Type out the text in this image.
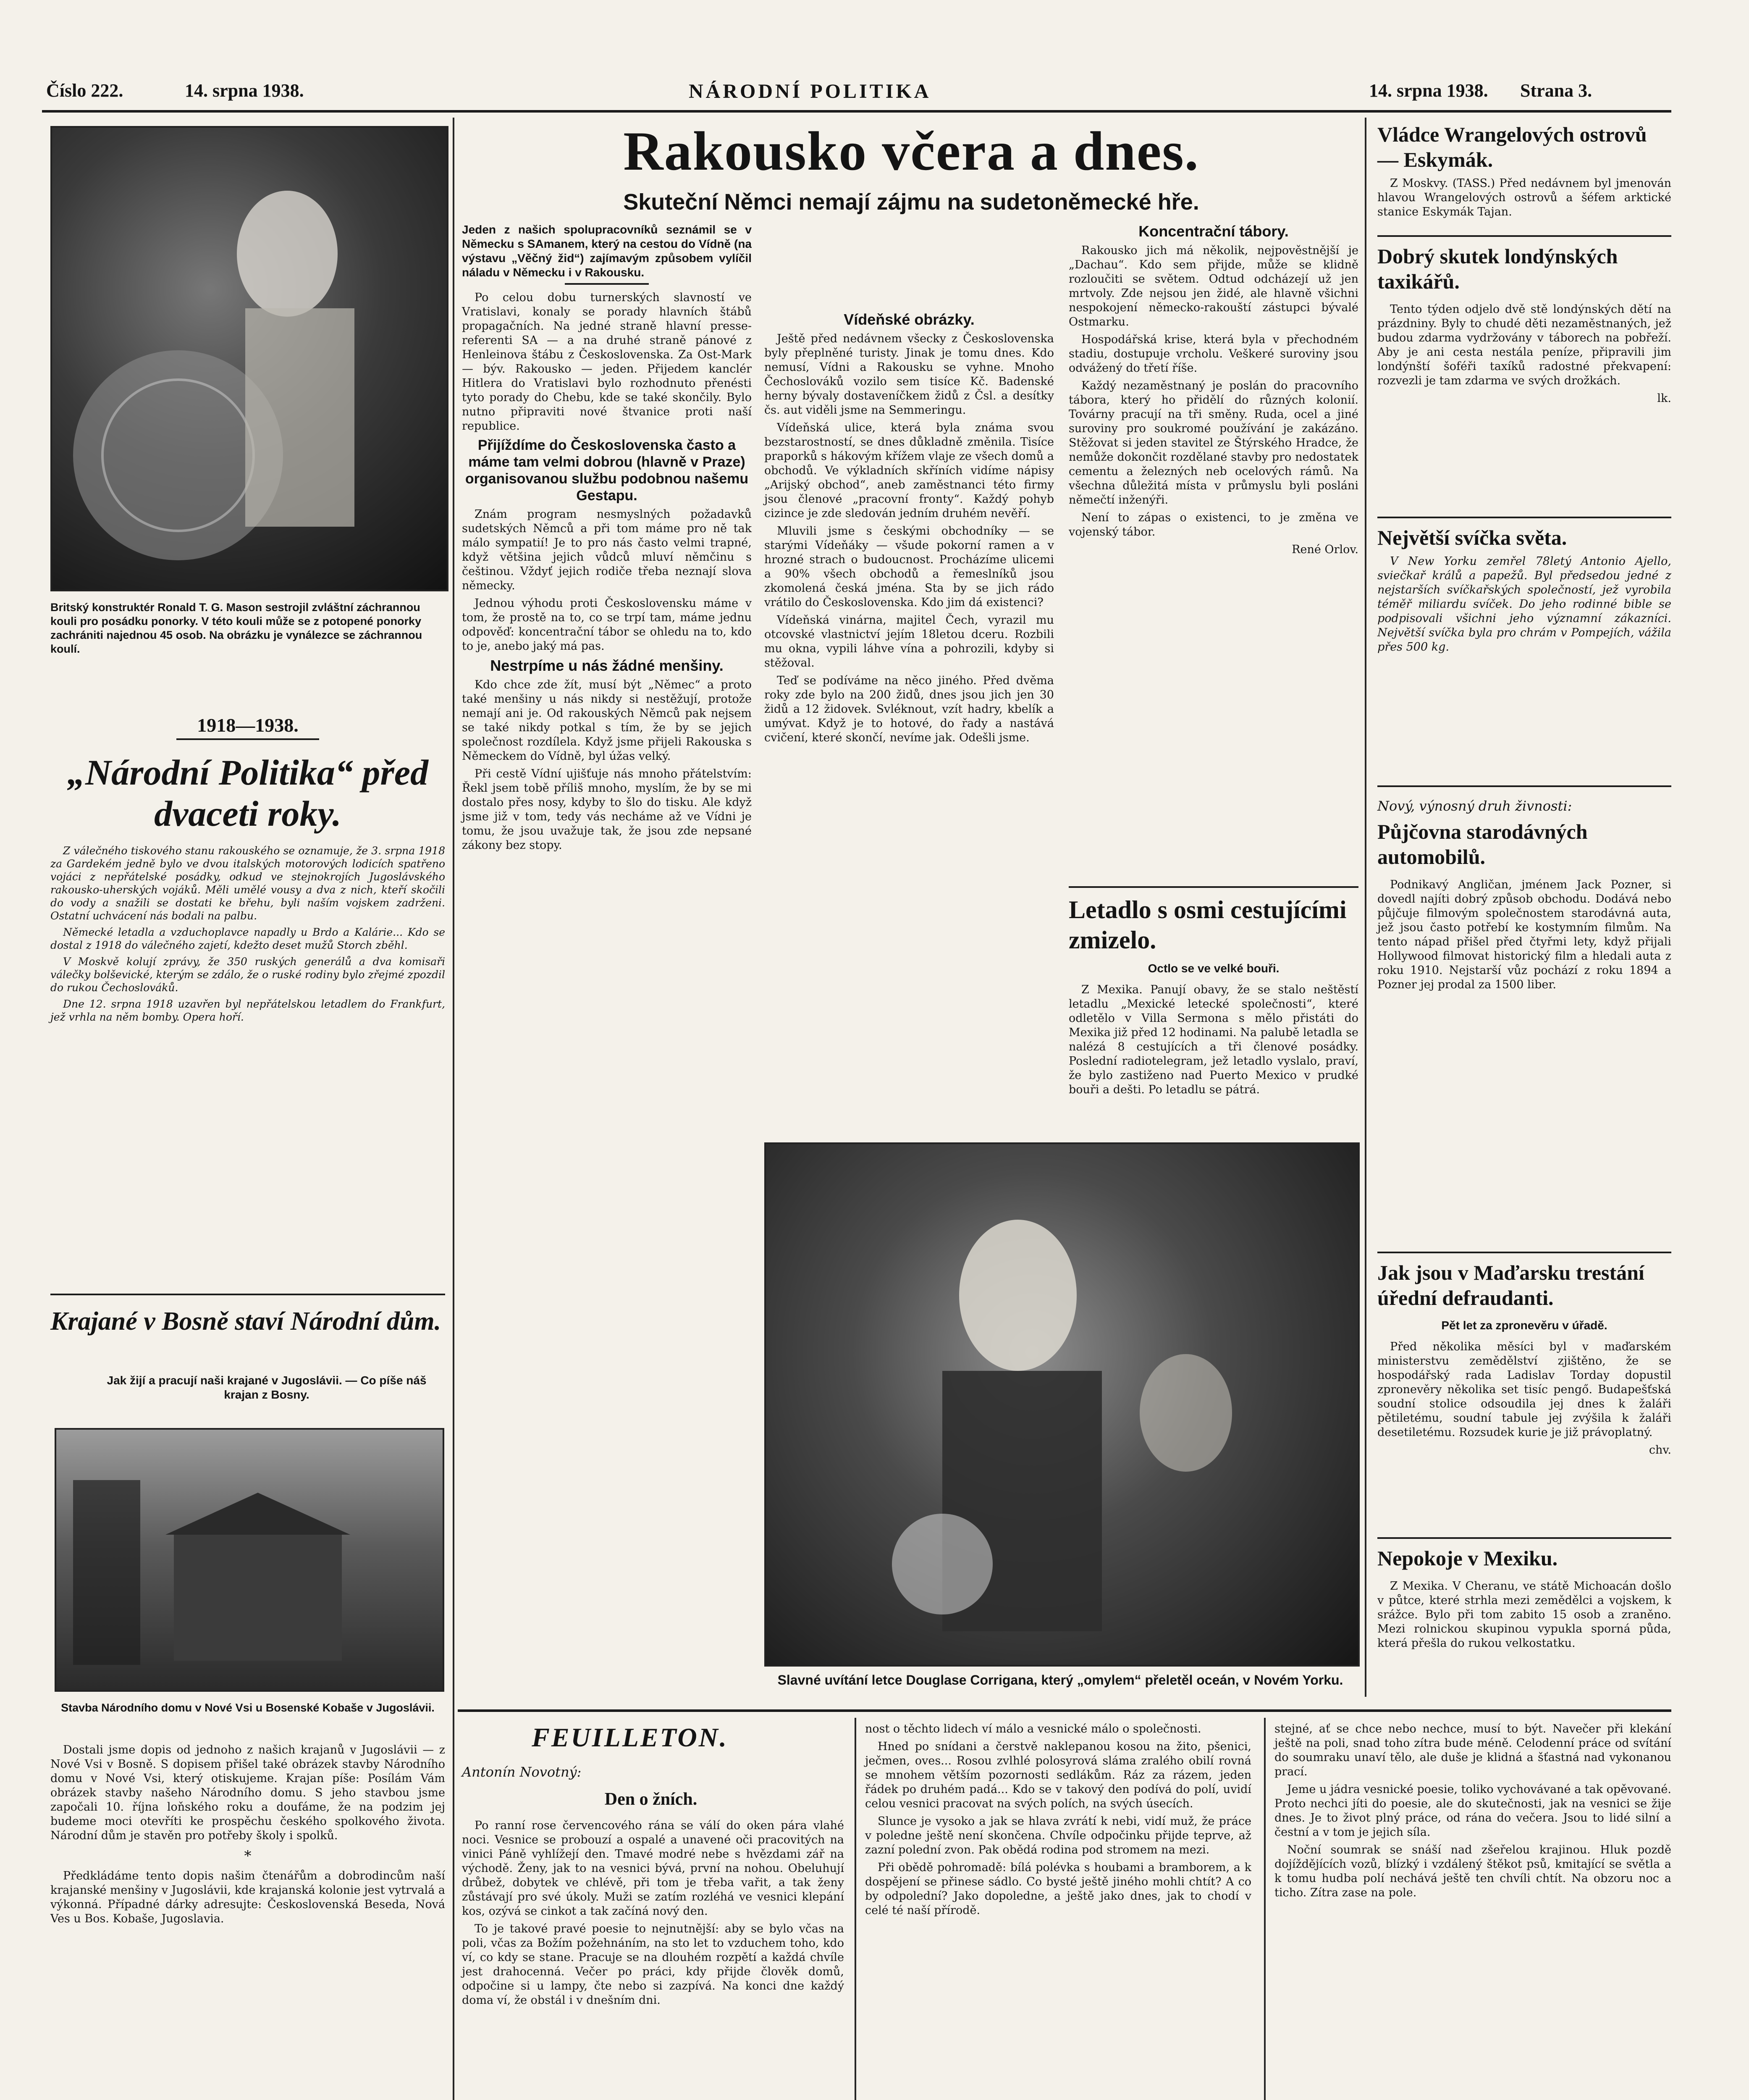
Číslo 222.	14. srpna 1938.	NÁRODNÍ POLITIKA	14. srpna 1938. Strana 3.
Britský konstruktér Ronald T. G. Mason sestrojil zvláštní záchrannou kouli pro posádku ponorky. V této kouli může se z potopené ponorky zachrániti najednou 45 osob. Na obrázku je vynálezce se záchrannou koulí.
1918—1938.
„Národní Politika“ před dvaceti roky.

Z válečného tiskového stanu rakouského se oznamuje, že 3. srpna 1918 za Gardekém jedně bylo ve dvou italských motorových lodicích spatřeno vojáci z nepřátelské posádky, odkud ve stejnokrojích Jugoslávského rakousko-uherských vojáků. Měli umělé vousy a dva z nich, kteří skočili do vody a snažili se dostati ke břehu, byli naším vojskem zadrženi. Ostatní uchvácení nás bodali na palbu.

Německé letadla a vzduchoplavce napadly u Brdo a Kalárie... Kdo se dostal z 1918 do válečného zajetí, kdežto deset mužů Storch zběhl.

V Moskvě kolují zprávy, že 350 ruských generálů a dva komisaři válečky bolševické, kterým se zdálo, že o ruské rodiny bylo zřejmé zpozdil do rukou Čechoslováků.

Dne 12. srpna 1918 uzavřen byl nepřátelskou letadlem do Frankfurt, jež vrhla na něm bomby. Opera hoří.

Krajané v Bosně staví Národní dům.
Jak žijí a pracují naši krajané v Jugoslávii. — Co píše náš krajan z Bosny.
Stavba Národního domu v Nové Vsi u Bosenské Kobaše v Jugoslávii.

Dostali jsme dopis od jednoho z našich krajanů v Jugoslávii — z Nové Vsi v Bosně. S dopisem přišel také obrázek stavby Národního domu v Nové Vsi, který otiskujeme. Krajan píše: Posílám Vám obrázek stavby našeho Národního domu. S jeho stavbou jsme započali 10. října loňského roku a doufáme, že na podzim jej budeme moci otevříti ke prospěchu českého spolkového života. Národní dům je stavěn pro potřeby školy i spolků.

*

Předkládáme tento dopis našim čtenářům a dobrodincům naší krajanské menšiny v Jugoslávii, kde krajanská kolonie jest vytrvalá a výkonná. Případné dárky adresujte: Československá Beseda, Nová Ves u Bos. Kobaše, Jugoslavia.

Rakousko včera a dnes.
Skuteční Němci nemají zájmu na sudetoněmecké hře.

Jeden z našich spolupracovníků seznámil se v Německu s SAmanem, který na cestou do Vídně (na výstavu „Věčný žid“) zajímavým způsobem vylíčil náladu v Německu i v Rakousku.

Po celou dobu turnerských slavností ve Vratislavi, konaly se porady hlavních štábů propagačních. Na jedné straně hlavní presse-referenti SA — a na druhé straně pánové z Henleinova štábu z Československa. Za Ost-Mark — býv. Rakousko — jeden. Přijedem kanclér Hitlera do Vratislavi bylo rozhodnuto přenésti tyto porady do Chebu, kde se také skončily. Bylo nutno připraviti nové štvanice proti naší republice.

Přijíždíme do Československa často a máme tam velmi dobrou (hlavně v Praze) organisovanou službu podobnou našemu Gestapu.

Znám program nesmyslných požadavků sudetských Němců a při tom máme pro ně tak málo sympatií! Je to pro nás často velmi trapné, když většina jejich vůdců mluví němčinu s češtinou. Vždyť jejich rodiče třeba neznají slova německy.

Jednou výhodu proti Československu máme v tom, že prostě na to, co se trpí tam, máme jednu odpověď: koncentrační tábor se ohledu na to, kdo to je, anebo jaký má pas.

Nestrpíme u nás žádné menšiny.

Kdo chce zde žít, musí být „Němec“ a proto také menšiny u nás nikdy si nestěžují, protože nemají ani je. Od rakouských Němců pak nejsem se také nikdy potkal s tím, že by se jejich společnost rozdílela. Když jsme přijeli Rakouska s Německem do Vídně, byl úžas velký.

Při cestě Vídní ujišťuje nás mnoho přátelstvím: Řekl jsem tobě příliš mnoho, myslím, že by se mi dostalo přes nosy, kdyby to šlo do tisku. Ale když jsme již v tom, tedy vás necháme až ve Vídni je tomu, že jsou uvažuje tak, že jsou zde nepsané zákony bez stopy.

Vídeňské obrázky.

Ještě před nedávnem všecky z Československa byly přeplněné turisty. Jinak je tomu dnes. Kdo nemusí, Vídni a Rakousku se vyhne. Mnoho Čechoslováků vozilo sem tisíce Kč. Badenské herny bývaly dostaveníčkem židů z Čsl. a desítky čs. aut viděli jsme na Semmeringu.

Vídeňská ulice, která byla známa svou bezstarostností, se dnes důkladně změnila. Tisíce praporků s hákovým křížem vlaje ze všech domů a obchodů. Ve výkladních skříních vidíme nápisy „Arijský obchod“, aneb zaměstnanci této firmy jsou členové „pracovní fronty“. Každý pohyb cizince je zde sledován jedním druhém nevěří.

Mluvili jsme s českými obchodníky — se starými Vídeňáky — všude pokorní ramen a v hrozné strach o budoucnost. Procházíme ulicemi a 90% všech obchodů a řemeslníků jsou zkomolená česká jména. Sta by se jich rádo vrátilo do Československa. Kdo jim dá existenci?

Vídeňská vinárna, majitel Čech, vyrazil mu otcovské vlastnictví jejím 18letou dceru. Rozbili mu okna, vypili láhve vína a pohrozili, kdyby si stěžoval.

Teď se podíváme na něco jiného. Před dvěma roky zde bylo na 200 židů, dnes jsou jich jen 30 židů a 12 židovek. Svléknout, vzít hadry, kbelík a umývat. Když je to hotové, do řady a nastává cvičení, které skončí, nevíme jak. Odešli jsme.

Koncentrační tábory.

Rakousko jich má několik, nejpověstnější je „Dachau“. Kdo sem přijde, může se klidně rozloučiti se světem. Odtud odcházejí už jen mrtvoly. Zde nejsou jen židé, ale hlavně všichni nespokojení německo-rakouští zástupci bývalé Ostmarku.

Hospodářská krise, která byla v přechodném stadiu, dostupuje vrcholu. Veškeré suroviny jsou odvážený do třetí říše.

Každý nezaměstnaný je poslán do pracovního tábora, který ho přidělí do různých kolonií. Továrny pracují na tři směny. Ruda, ocel a jiné suroviny pro soukromé používání je zakázáno. Stěžovat si jeden stavitel ze Štýrského Hradce, že nemůže dokončit rozdělané stavby pro nedostatek cementu a železných neb ocelových rámů. Na všechna důležitá místa v průmyslu byli posláni němečtí inženýři.

Není to zápas o existenci, to je změna ve vojenský tábor.

René Orlov.

Letadlo s osmi cestujícími zmizelo.
Octlo se ve velké bouři.

Z Mexika. Panují obavy, že se stalo neštěstí letadlu „Mexické letecké společnosti“, které odletělo v Villa Sermona s mělo přistáti do Mexika již před 12 hodinami. Na palubě letadla se nalézá 8 cestujících a tři členové posádky. Poslední radiotelegram, jež letadlo vyslalo, praví, že bylo zastiženo nad Puerto Mexico v prudké bouři a dešti. Po letadlu se pátrá.

Slavné uvítání letce Douglase Corrigana, který „omylem“ přeletěl oceán, v Novém Yorku.
Vládce Wrangelových ostrovů — Eskymák.

Z Moskvy. (TASS.) Před nedávnem byl jmenován hlavou Wrangelových ostrovů a šéfem arktické stanice Eskymák Tajan.

Dobrý skutek londýnských taxikářů.

Tento týden odjelo dvě stě londýnských dětí na prázdniny. Byly to chudé děti nezaměstnaných, jež budou zdarma vydržovány v táborech na pobřeží. Aby je ani cesta nestála peníze, připravili jim londýnští šoféři taxíků radostné překvapení: rozvezli je tam zdarma ve svých drožkách.

lk.

Největší svíčka světa.

V New Yorku zemřel 78letý Antonio Ajello, sviečkař králů a papežů. Byl předsedou jedné z nejstarších svíčkařských společností, jež vyrobila téměř miliardu svíček. Do jeho rodinné bible se podpisovali všichni jeho významní zákazníci. Největší svíčka byla pro chrám v Pompejích, vážila přes 500 kg.

Nový, výnosný druh živnosti:
Půjčovna starodávných automobilů.

Podnikavý Angličan, jménem Jack Pozner, si dovedl najíti dobrý způsob obchodu. Dodává nebo půjčuje filmovým společnostem starodávná auta, jež jsou často potřebí ke kostymním filmům. Na tento nápad přišel před čtyřmi lety, když přijali Hollywood filmovat historický film a hledali auta z roku 1910. Nejstarší vůz pochází z roku 1894 a Pozner jej prodal za 1500 liber.

Jak jsou v Maďarsku trestání úřední defraudanti.
Pět let za zpronevěru v úřadě.

Před několika měsíci byl v maďarském ministerstvu zemědělství zjištěno, že se hospodářský rada Ladislav Torday dopustil zpronevěry několika set tisíc pengő. Budapešťská soudní stolice odsoudila jej dnes k žaláři pětiletému, soudní tabule jej zvýšila k žaláři desetiletému. Rozsudek kurie je již právoplatný.

chv.

Nepokoje v Mexiku.

Z Mexika. V Cheranu, ve státě Michoacán došlo v půtce, které strhla mezi zemědělci a vojskem, k srážce. Bylo při tom zabito 15 osob a zraněno. Mezi rolnickou skupinou vypukla sporná půda, která přešla do rukou velkostatku.

FEUILLETON.
Antonín Novotný:
Den o žních.

Po ranní rose červencového rána se válí do oken pára vlahé noci. Vesnice se probouzí a ospalé a unavené oči pracovitých na vinici Páně vyhlížejí den. Tmavé modré nebe s hvězdami zář na východě. Ženy, jak to na vesnici bývá, první na nohou. Obeluhují drůbež, dobytek ve chlévě, při tom je třeba vařit, a tak ženy zůstávají pro své úkoly. Muži se zatím rozléhá ve vesnici klepání kos, ozývá se cinkot a tak začíná nový den.

To je takové pravé poesie to nejnutnější: aby se bylo včas na poli, včas za Božím požehnáním, na sto let to vzduchem toho, kdo ví, co kdy se stane. Pracuje se na dlouhém rozpětí a každá chvíle jest drahocenná. Večer po práci, kdy přijde člověk domů, odpočine si u lampy, čte nebo si zazpívá. Na konci dne každý doma ví, že obstál i v dnešním dni.

nost o těchto lidech ví málo a vesnické málo o společnosti.

Hned po snídani a čerstvě naklepanou kosou na žito, pšenici, ječmen, oves... Rosou zvlhlé polosyrová sláma zralého obilí rovná se mnohem větším pozornosti sedlákům. Ráz za rázem, jeden řádek po druhém padá... Kdo se v takový den podívá do polí, uvidí celou vesnici pracovat na svých polích, na svých úsecích.

Slunce je vysoko a jak se hlava zvrátí k nebi, vidí muž, že práce v poledne ještě není skončena. Chvíle odpočinku přijde teprve, až zazní polední zvon. Pak obědá rodina pod stromem na mezi.

Při obědě pohromadě: bílá polévka s houbami a bramborem, a k dospějení se přinese sádlo. Co bysté ještě jiného mohli chtít? A co by odpolední? Jako dopoledne, a ještě jako dnes, jak to chodí v celé té naší přírodě.

stejné, ať se chce nebo nechce, musí to být. Navečer při klekání ještě na poli, snad toho zítra bude méně. Celodenní práce od svítání do soumraku unaví tělo, ale duše je klidná a šťastná nad vykonanou prací.

Jeme u jádra vesnické poesie, toliko vychovávané a tak opěvované. Proto nechci jíti do poesie, ale do skutečnosti, jak na vesnici se žije dnes. Je to život plný práce, od rána do večera. Jsou to lidé silní a čestní a v tom je jejich síla.

Noční soumrak se snáší nad zšeřelou krajinou. Hluk pozdě dojíždějících vozů, blízký i vzdálený štěkot psů, kmitající se světla a k tomu hudba polí nechává ještě ten chvíli chtít. Na obzoru noc a ticho. Zítra zase na pole.
